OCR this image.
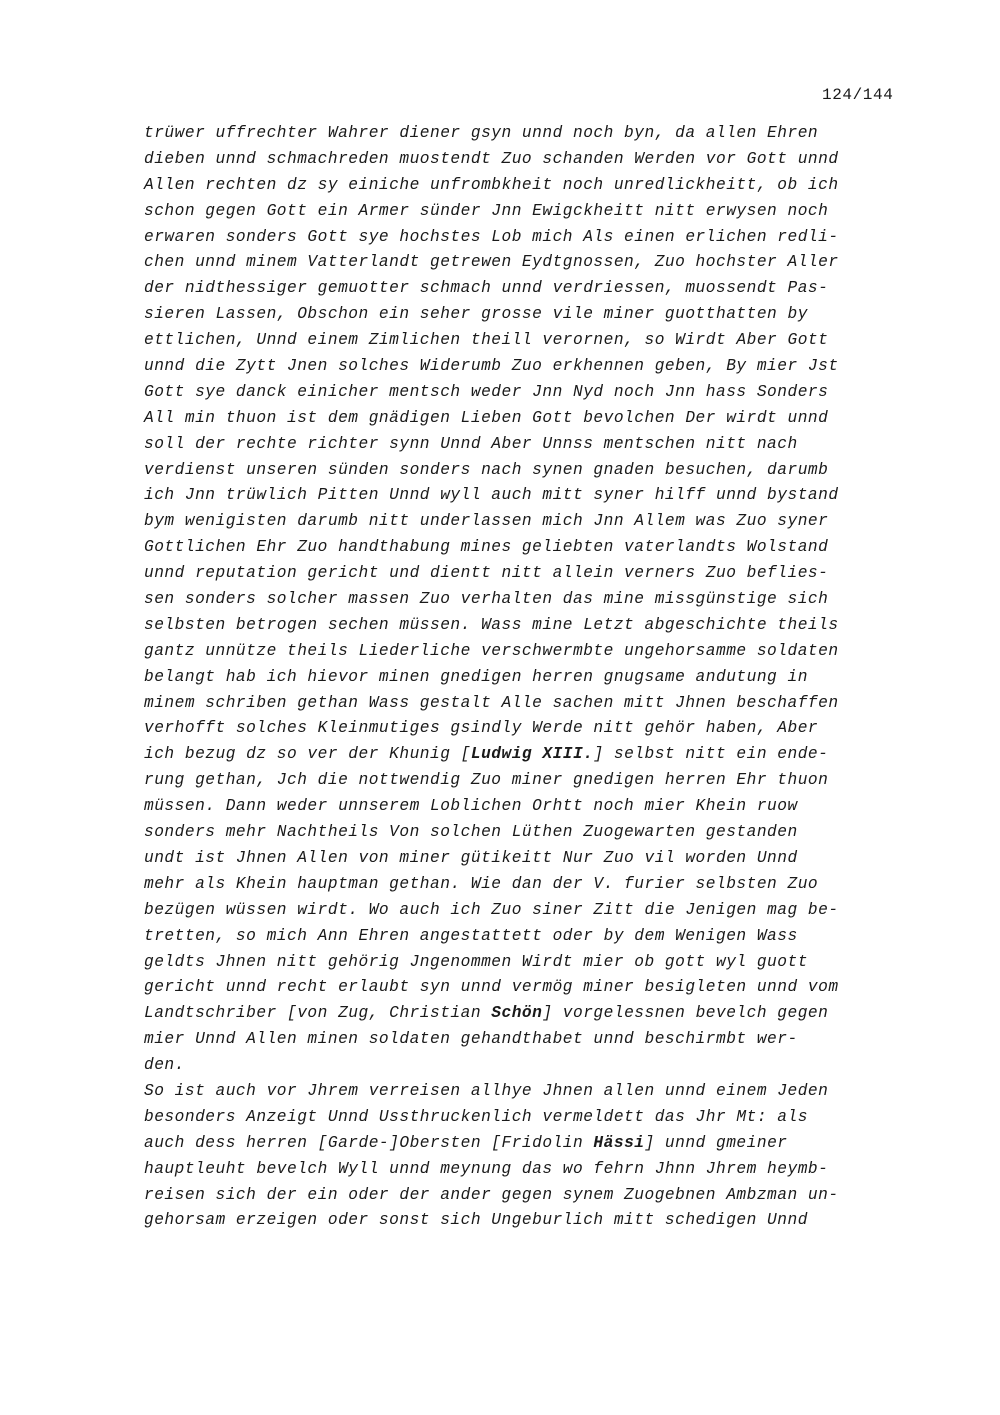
124/144
trüwer uffrechter Wahrer diener gsyn unnd noch byn, da allen Ehren
dieben unnd schmachreden muostendt Zuo schanden Werden vor Gott unnd
Allen rechten dz sy einiche unfrombkheit noch unredlickheitt, ob ich
schon gegen Gott ein Armer sünder Jnn Ewigckheitt nitt erwysen noch
erwaren sonders Gott sye hochstes Lob mich Als einen erlichen redli-
chen unnd minem Vatterlandt getrewen Eydtgnossen, Zuo hochster Aller
der nidthessiger gemuotter schmach unnd verdriessen, muossendt Pas-
sieren Lassen, Obschon ein seher grosse vile miner guotthatten by
ettlichen, Unnd einem Zimlichen theill verornen, so Wirdt Aber Gott
unnd die Zytt Jnen solches Widerumb Zuo erkhennen geben, By mier Jst
Gott sye danck einicher mentsch weder Jnn Nyd noch Jnn hass Sonders
All min thuon ist dem gnädigen Lieben Gott bevolchen Der wirdt unnd
soll der rechte richter synn Unnd Aber Unnss mentschen nitt nach
verdienst unseren sünden sonders nach synen gnaden besuchen, darumb
ich Jnn trüwlich Pitten Unnd wyll auch mitt syner hilff unnd bystand
bym wenigisten darumb nitt underlassen mich Jnn Allem was Zuo syner
Gottlichen Ehr Zuo handthabung mines geliebten vaterlandts Wolstand
unnd reputation gericht und dientt nitt allein verners Zuo beflies-
sen sonders solcher massen Zuo verhalten das mine missgünstige sich
selbsten betrogen sechen müssen. Wass mine Letzt abgeschichte theils
gantz unnütze theils Liederliche verschwermbte ungehorsamme soldaten
belangt hab ich hievor minen gnedigen herren gnugsame andutung in
minem schriben gethan Wass gestalt Alle sachen mitt Jhnen beschaffen
verhofft solches Kleinmutiges gsindly Werde nitt gehör haben, Aber
ich bezug dz so ver der Khunig [Ludwig XIII.] selbst nitt ein ende-
rung gethan, Jch die nottwendig Zuo miner gnedigen herren Ehr thuon
müssen. Dann weder unnserem Loblichen Orhtt noch mier Khein ruow
sonders mehr Nachtheils Von solchen Lüthen Zuogewarten gestanden
undt ist Jhnen Allen von miner gütikeitt Nur Zuo vil worden Unnd
mehr als Khein hauptman gethan. Wie dan der V. furier selbsten Zuo
bezügen wüssen wirdt. Wo auch ich Zuo siner Zitt die Jenigen mag be-
tretten, so mich Ann Ehren angestattett oder by dem Wenigen Wass
geldts Jhnen nitt gehörig Jngenommen Wirdt mier ob gott wyl guott
gericht unnd recht erlaubt syn unnd vermög miner besigleten unnd vom
Landtschriber [von Zug, Christian Schön] vorgelessnen bevelch gegen
mier Unnd Allen minen soldaten gehandthabet unnd beschirmbt wer-
den.
So ist auch vor Jhrem verreisen allhye Jhnen allen unnd einem Jeden
besonders Anzeigt Unnd Ussthruckenlich vermeldett das Jhr Mt: als
auch dess herren [Garde-]Obersten [Fridolin Hässi] unnd gmeiner
hauptleuht bevelch Wyll unnd meynung das wo fehrn Jhnn Jhrem heymb-
reisen sich der ein oder der ander gegen synem Zuogebnen Ambzman un-
gehorsam erzeigen oder sonst sich Ungeburlich mitt schedigen Unnd
